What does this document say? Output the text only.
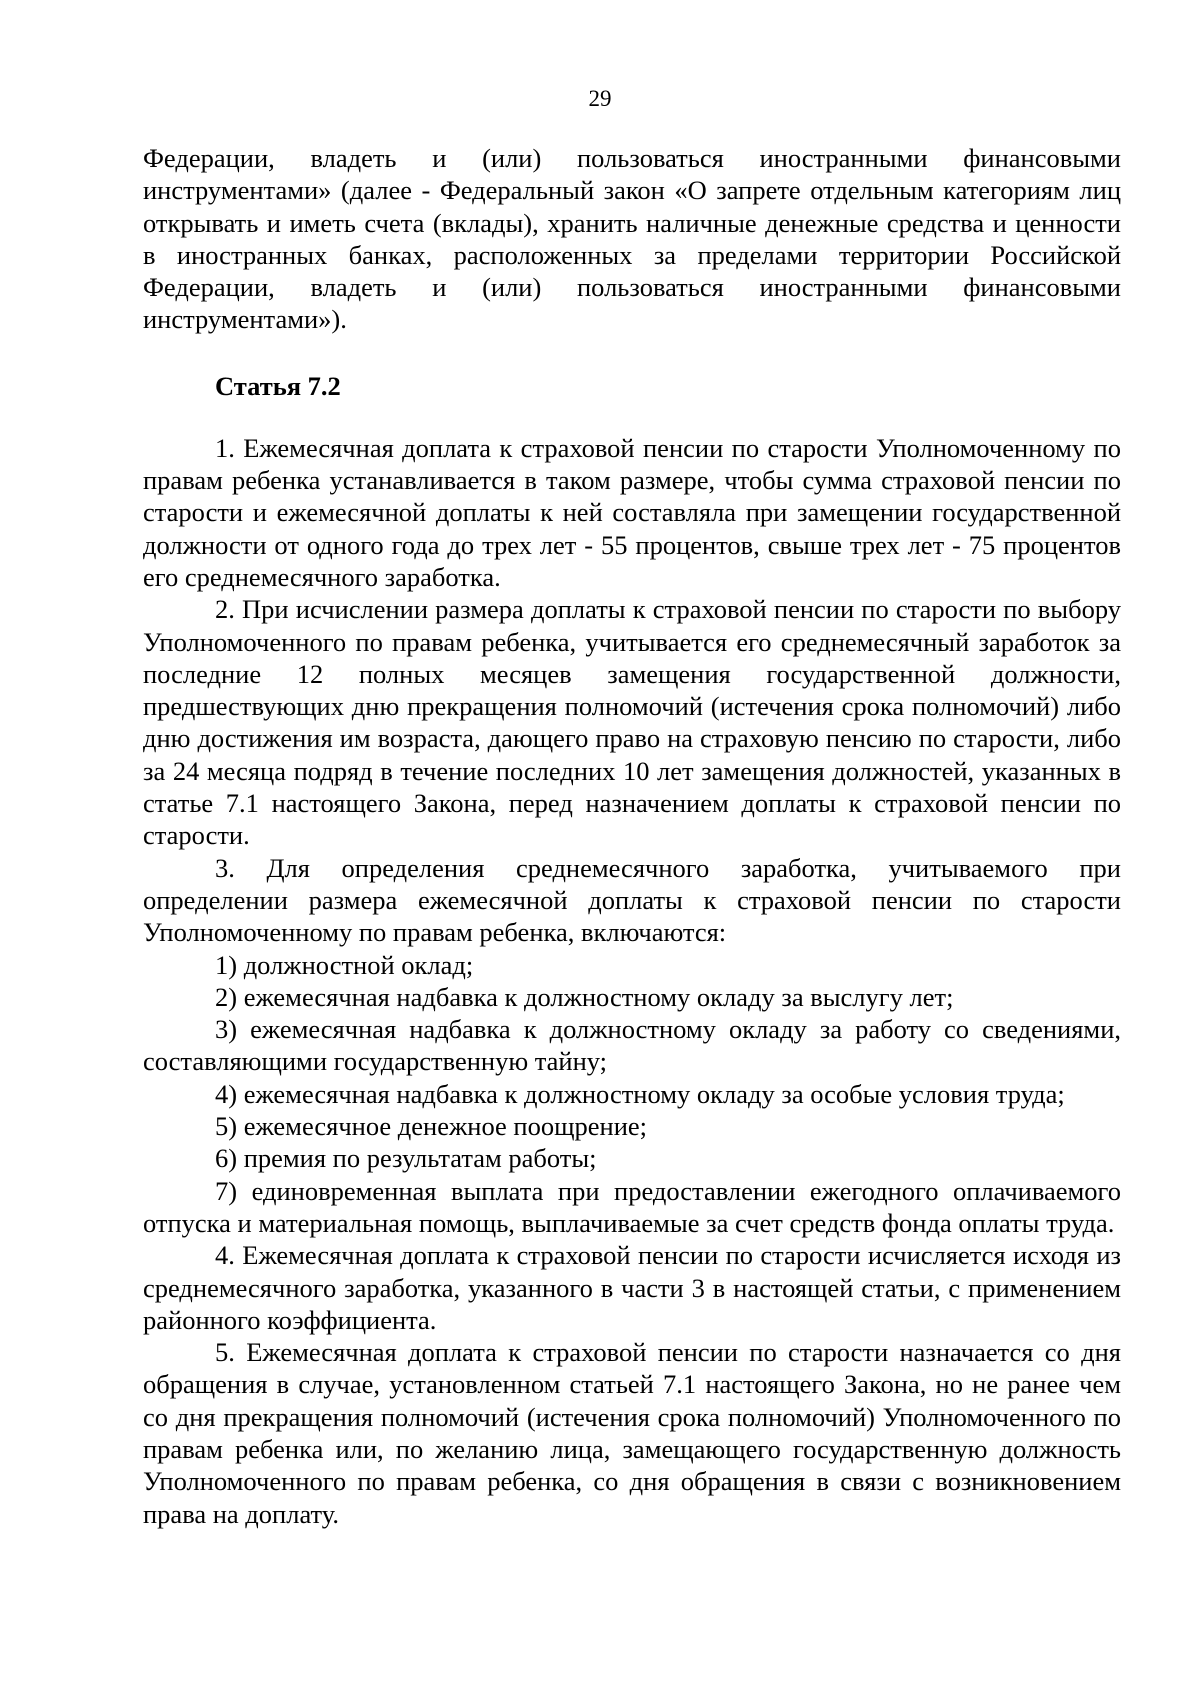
29

Федерации, владеть и (или) пользоваться иностранными финансовыми инструментами» (далее - Федеральный закон «О запрете отдельным категориям лиц открывать и иметь счета (вклады), хранить наличные денежные средства и ценности в иностранных банках, расположенных за пределами территории Российской Федерации, владеть и (или) пользоваться иностранными финансовыми инструментами»).

Статья 7.2

1. Ежемесячная доплата к страховой пенсии по старости Уполномоченному по правам ребенка устанавливается в таком размере, чтобы сумма страховой пенсии по старости и ежемесячной доплаты к ней составляла при замещении государственной должности от одного года до трех лет - 55 процентов, свыше трех лет - 75 процентов его среднемесячного заработка.

2. При исчислении размера доплаты к страховой пенсии по старости по выбору Уполномоченного по правам ребенка, учитывается его среднемесячный заработок за последние 12 полных месяцев замещения государственной должности, предшествующих дню прекращения полномочий (истечения срока полномочий) либо дню достижения им возраста, дающего право на страховую пенсию по старости, либо за 24 месяца подряд в течение последних 10 лет замещения должностей, указанных в статье 7.1 настоящего Закона, перед назначением доплаты к страховой пенсии по старости.

3. Для определения среднемесячного заработка, учитываемого при определении размера ежемесячной доплаты к страховой пенсии по старости Уполномоченному по правам ребенка, включаются:

1) должностной оклад;

2) ежемесячная надбавка к должностному окладу за выслугу лет;

3) ежемесячная надбавка к должностному окладу за работу со сведениями, составляющими государственную тайну;

4) ежемесячная надбавка к должностному окладу за особые условия труда;

5) ежемесячное денежное поощрение;

6) премия по результатам работы;

7) единовременная выплата при предоставлении ежегодного оплачиваемого отпуска и материальная помощь, выплачиваемые за счет средств фонда оплаты труда.

4. Ежемесячная доплата к страховой пенсии по старости исчисляется исходя из среднемесячного заработка, указанного в части 3 в настоящей статьи, с применением районного коэффициента.

5. Ежемесячная доплата к страховой пенсии по старости назначается со дня обращения в случае, установленном статьей 7.1 настоящего Закона, но не ранее чем со дня прекращения полномочий (истечения срока полномочий) Уполномоченного по правам ребенка или, по желанию лица, замещающего государственную должность Уполномоченного по правам ребенка, со дня обращения в связи с возникновением права на доплату.
